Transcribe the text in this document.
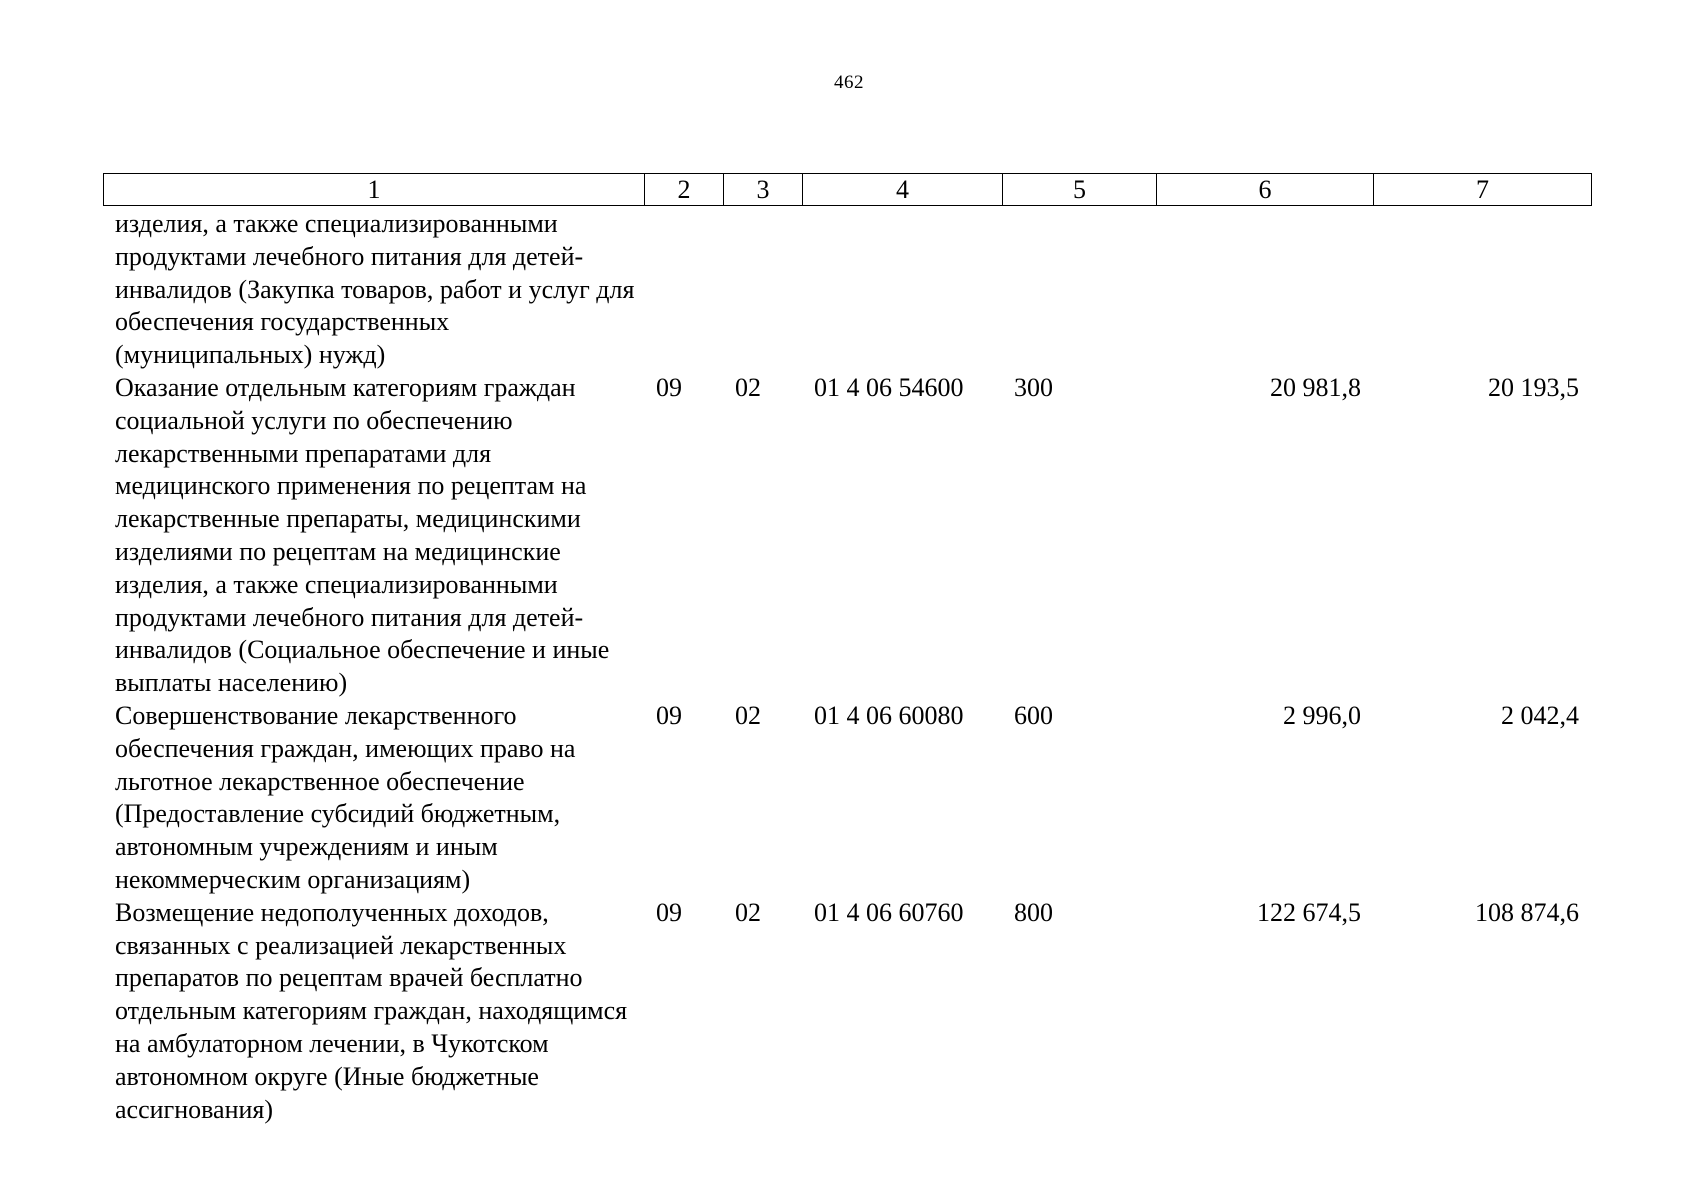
462
1	2	3	4	5	6	7
изделия, а также специализированными продуктами лечебного питания для детей-инвалидов (Закупка товаров, работ и услуг для обеспечения государственных (муниципальных) нужд)
Оказание отдельным категориям граждан социальной услуги по обеспечению лекарственными препаратами для медицинского применения по рецептам на лекарственные препараты, медицинскими изделиями по рецептам на медицинские изделия, а также специализированными продуктами лечебного питания для детей-инвалидов (Социальное обеспечение и иные выплаты населению)
09	02	01 4 06 54600	300	20 981,8	20 193,5
Совершенствование лекарственного обеспечения граждан, имеющих право на льготное лекарственное обеспечение (Предоставление субсидий бюджетным, автономным учреждениям и иным некоммерческим организациям)
09	02	01 4 06 60080	600	2 996,0	2 042,4
Возмещение недополученных доходов, связанных с реализацией лекарственных препаратов по рецептам врачей бесплатно отдельным категориям граждан, находящимся на амбулаторном лечении, в Чукотском автономном округе (Иные бюджетные ассигнования)
09	02	01 4 06 60760	800	122 674,5	108 874,6
